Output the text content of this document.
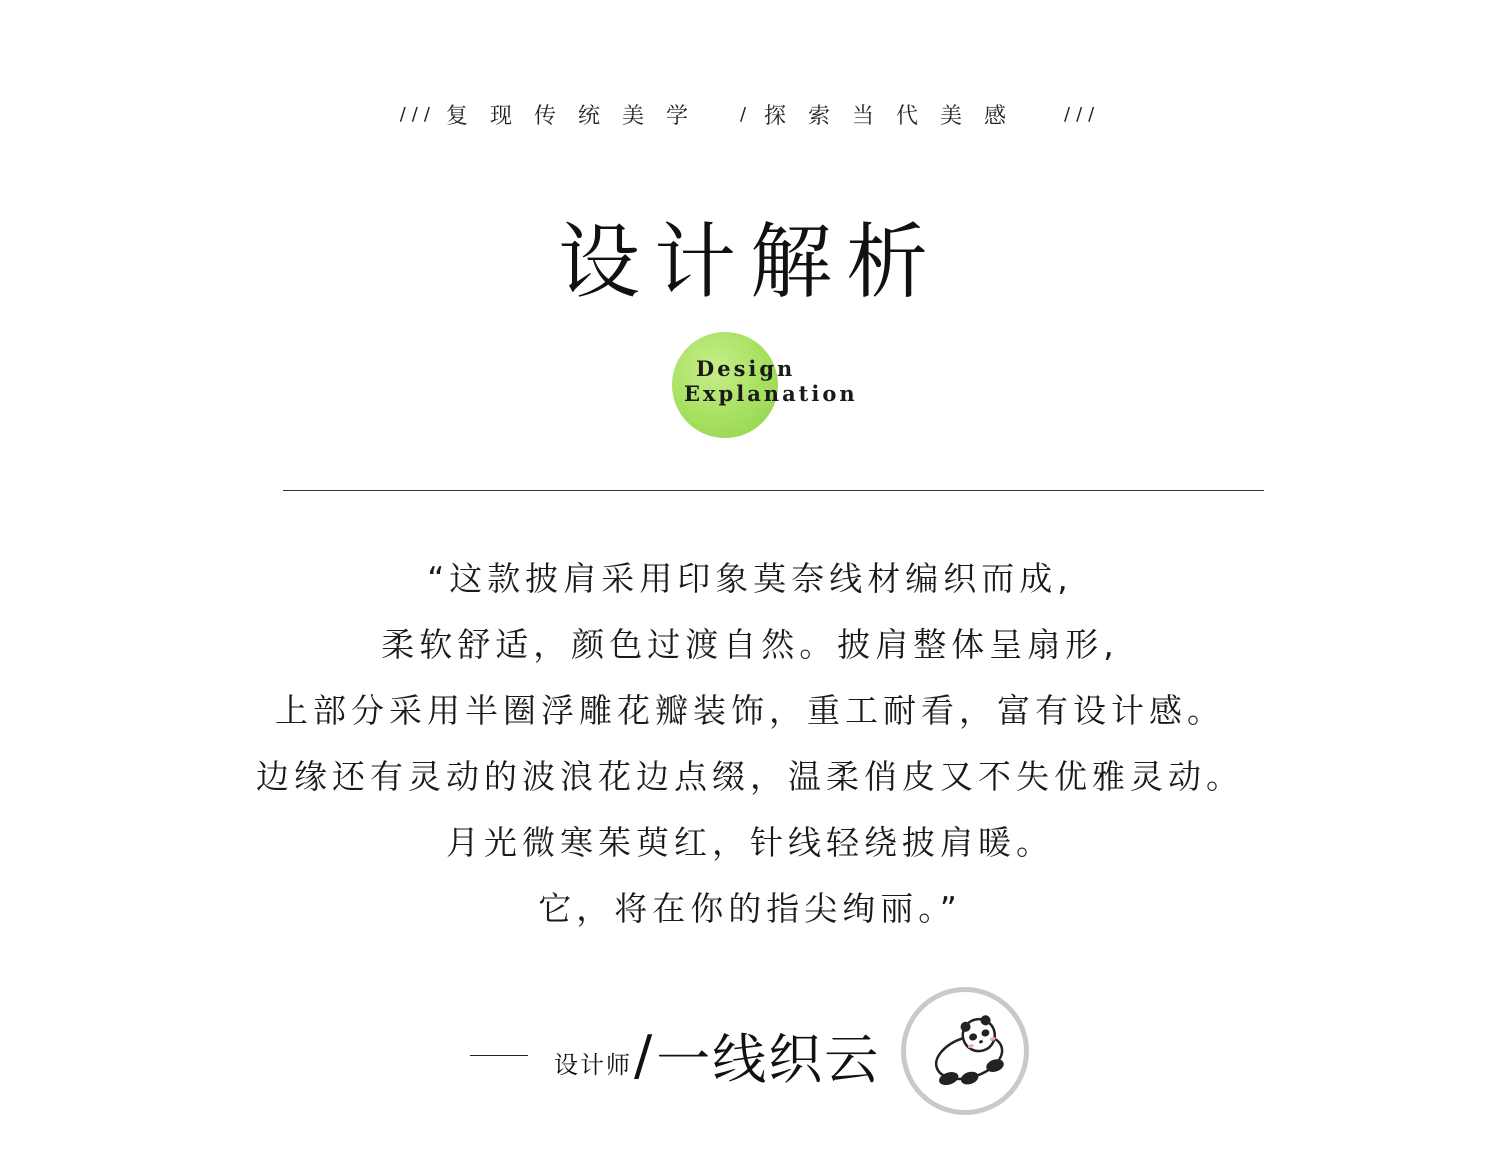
/// 复现传统美学 / 探索当代美感 ///
设计解析
Design
Explanation
“这款披肩采用印象莫奈线材编织而成,
柔软舒适，颜色过渡自然。披肩整体呈扇形,
上部分采用半圈浮雕花瓣装饰，重工耐看，富有设计感。
边缘还有灵动的波浪花边点缀，温柔俏皮又不失优雅灵动。
月光微寒茱萸红，针线轻绕披肩暖。
它，将在你的指尖绚丽。”
设计师 / 一线织云
